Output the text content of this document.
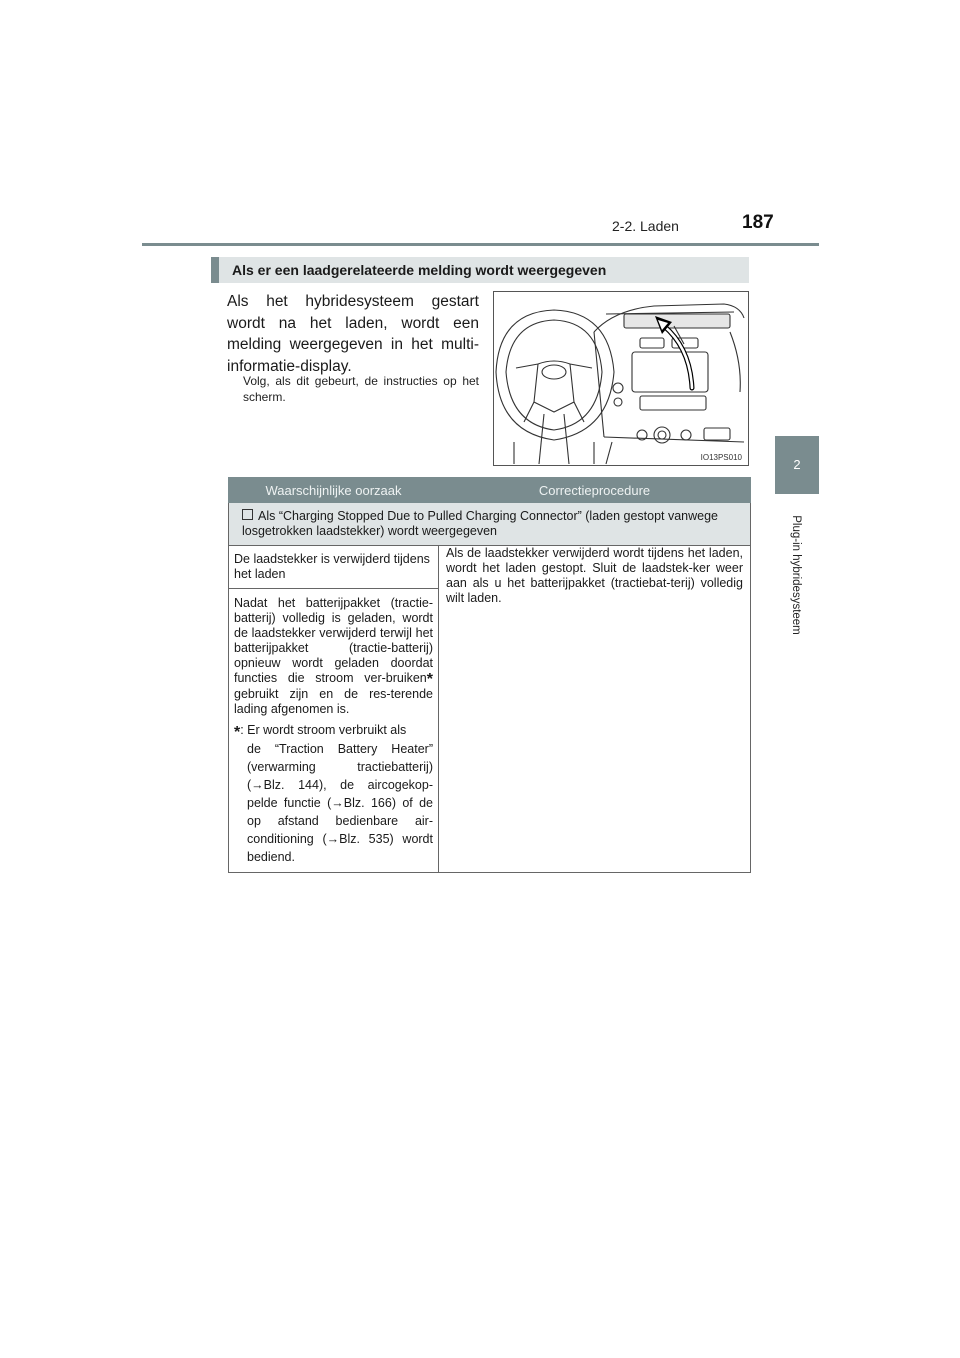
2-2. Laden	187
2
Plug-in hybridesysteem
Als er een laadgerelateerde melding wordt weergegeven
Als het hybridesysteem gestart wordt na het laden, wordt een melding weergegeven in het multi-informatie-display.
Volg, als dit gebeurt, de instructies op het scherm.
IO13PS010
Waarschijnlijke oorzaak	Correctieprocedure
Als “Charging Stopped Due to Pulled Charging Connector” (laden gestopt vanwege losgetrokken laadstekker) wordt weergegeven	
De laadstekker is verwijderd tijdens het laden	Als de laadstekker verwijderd wordt tijdens het laden, wordt het laden gestopt. Sluit de laadstek-ker weer aan als u het batterijpakket (tractiebat-terij) volledig wilt laden.

Nadat het batterijpakket (tractie-batterij) volledig is geladen, wordt de laadstekker verwijderd terwijl het batterijpakket (tractie-batterij) opnieuw wordt geladen doordat functies die stroom ver-bruiken* gebruikt zijn en de res-terende lading afgenomen is.

*: Er wordt stroom verbruikt als
de “Traction Battery Heater” (verwarming tractiebatterij) (→Blz. 144), de aircogekop-pelde functie (→Blz. 166) of de op afstand bedienbare air-conditioning (→Blz. 535) wordt bediend.	
